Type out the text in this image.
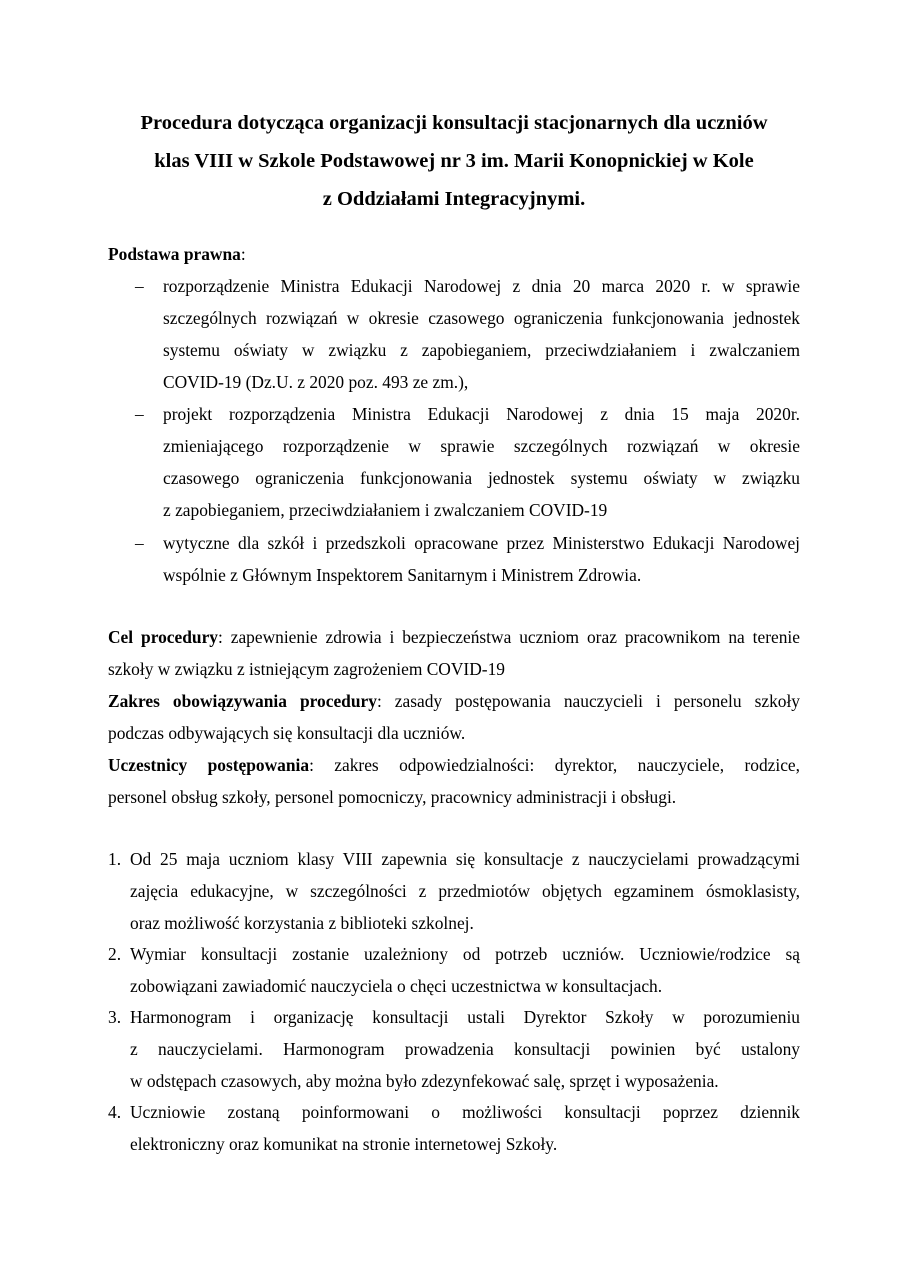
Procedura dotycząca organizacji konsultacji stacjonarnych dla uczniów
klas VIII w Szkole Podstawowej nr 3 im. Marii Konopnickiej w Kole
z Oddziałami Integracyjnymi.
Podstawa prawna:
– rozporządzenie Ministra Edukacji Narodowej z dnia 20 marca 2020 r. w sprawie
szczególnych rozwiązań w okresie czasowego ograniczenia funkcjonowania jednostek
systemu oświaty w związku z zapobieganiem, przeciwdziałaniem i zwalczaniem
COVID-19 (Dz.U. z 2020 poz. 493 ze zm.),
– projekt rozporządzenia Ministra Edukacji Narodowej z dnia 15 maja 2020r.
zmieniającego rozporządzenie w sprawie szczególnych rozwiązań w okresie
czasowego ograniczenia funkcjonowania jednostek systemu oświaty w związku
z zapobieganiem, przeciwdziałaniem i zwalczaniem COVID-19
– wytyczne dla szkół i przedszkoli opracowane przez Ministerstwo Edukacji Narodowej
wspólnie z Głównym Inspektorem Sanitarnym i Ministrem Zdrowia.
Cel procedury: zapewnienie zdrowia i bezpieczeństwa uczniom oraz pracownikom na terenie
szkoły w związku z istniejącym zagrożeniem COVID-19
Zakres obowiązywania procedury: zasady postępowania nauczycieli i personelu szkoły
podczas odbywających się konsultacji dla uczniów.
Uczestnicy postępowania: zakres odpowiedzialności: dyrektor, nauczyciele, rodzice,
personel obsług szkoły, personel pomocniczy, pracownicy administracji i obsługi.
1. Od 25 maja uczniom klasy VIII zapewnia się konsultacje z nauczycielami prowadzącymi
zajęcia edukacyjne, w szczególności z przedmiotów objętych egzaminem ósmoklasisty,
oraz możliwość korzystania z biblioteki szkolnej.
2. Wymiar konsultacji zostanie uzależniony od potrzeb uczniów. Uczniowie/rodzice są
zobowiązani zawiadomić nauczyciela o chęci uczestnictwa w konsultacjach.
3. Harmonogram i organizację konsultacji ustali Dyrektor Szkoły w porozumieniu
z nauczycielami. Harmonogram prowadzenia konsultacji powinien być ustalony
w odstępach czasowych, aby można było zdezynfekować salę, sprzęt i wyposażenia.
4. Uczniowie zostaną poinformowani o możliwości konsultacji poprzez dziennik
elektroniczny oraz komunikat na stronie internetowej Szkoły.
